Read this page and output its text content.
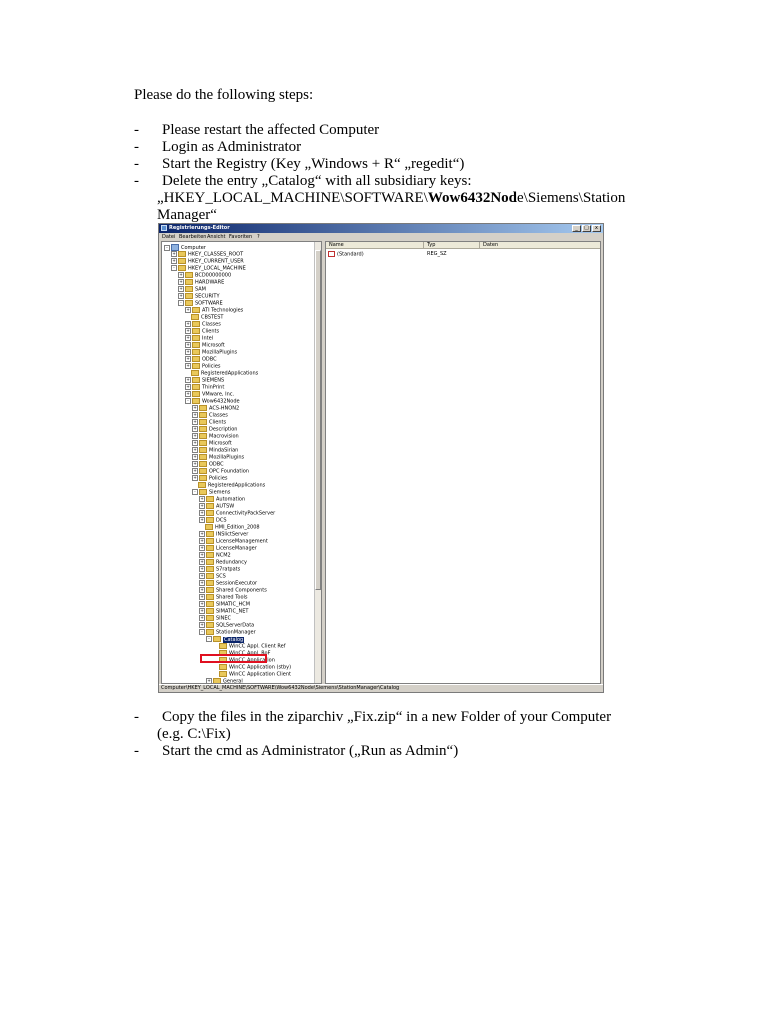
Please do the following steps:
- Please restart the affected Computer
- Login as Administrator
- Start the Registry (Key „Windows + R“ „regedit“)
- Delete the entry „Catalog“ with all subsidiary keys:
„HKEY_LOCAL_MACHINE\SOFTWARE\Wow6432Node\Siemens\Station
Manager“
Registrierungs-Editor	_	□	x
Datei Bearbeiten Ansicht Favoriten ?
-	Computer
+ HKEY_CLASSES_ROOT
+ HKEY_CURRENT_USER
-	HKEY_LOCAL_MACHINE
+ BCD00000000
+ HARDWARE
+ SAM
+ SECURITY
-	SOFTWARE
+ ATI Technologies
CBSTEST
+ Classes
+ Clients
+ Intel
+ Microsoft
+ MozillaPlugins
+ ODBC
+ Policies
RegisteredApplications
+ SIEMENS
+ ThinPrint
+ VMware, Inc.
-	Wow6432Node
+ ACS-HNON2
+ Classes
+ Clients
+ Description
+ Macrovision
+ Microsoft
+ MindaSirian
+ MozillaPlugins
+ ODBC
+ OPC Foundation
+ Policies
RegisteredApplications
-	Siemens
+ Automation
+ AUTSW
+ ConnectivityPackServer
+ DCS
HMI_Edition_2008
+ INSlictServer
+ LicenseManagement
+ LicenseManager
+ NCM2
+ Redundancy
+ S7ratpats
+ SCS
+ SessionExecutor
+ Shared Components
+ Shared Tools
+ SIMATIC_HCM
+ SIMATIC_NET
+ SINEC
+ SQLServerData
-	StationManager
-	Catalog
WinCC Appl. Client Ref
WinCC Appl. RoF
WinCC Application
WinCC Application (stby)
WinCC Application Client
+ General
Name	Typ	Daten
(Standard)	REG_SZ
Computer\HKEY_LOCAL_MACHINE\SOFTWARE\Wow6432Node\Siemens\StationManager\Catalog
- Copy the files in the ziparchiv „Fix.zip“ in a new Folder of your Computer
(e.g. C:\Fix)
- Start the cmd as Administrator („Run as Admin“)
